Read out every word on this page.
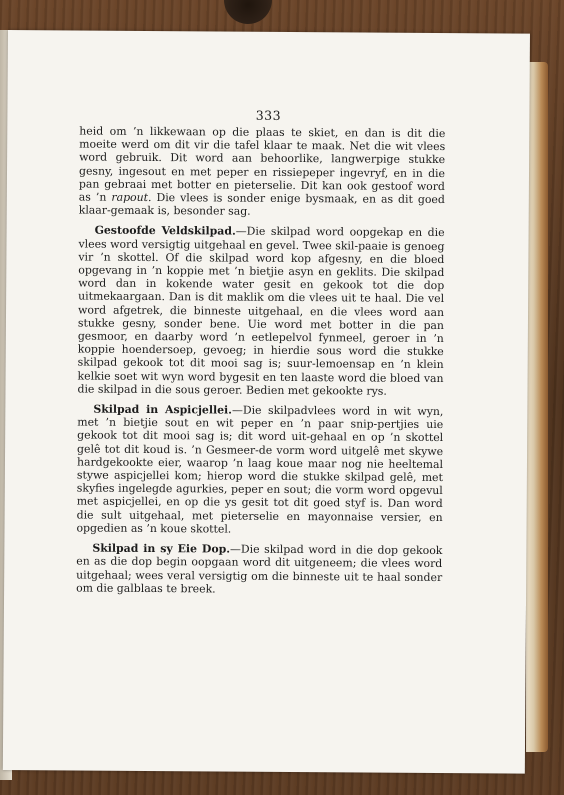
333

heid om ’n likkewaan op die plaas te skiet, en dan is dit die moeite werd om dit vir die tafel klaar te maak. Net die wit vlees word gebruik. Dit word aan behoorlike, langwerpige stukke gesny, ingesout en met peper en rissiepeper ingevryf, en in die pan gebraai met botter en pieterselie. Dit kan ook gestoof word as ’n rapout. Die vlees is sonder enige bysmaak, en as dit goed klaar-gemaak is, besonder sag.

Gestoofde Veldskilpad.—Die skilpad word oopgekap en die vlees word versigtig uitgehaal en gevel. Twee skil-paaie is genoeg vir ’n skottel. Of die skilpad word kop afgesny, en die bloed opgevang in ’n koppie met ’n bietjie asyn en geklits. Die skilpad word dan in kokende water gesit en gekook tot die dop uitmekaargaan. Dan is dit maklik om die vlees uit te haal. Die vel word afgetrek, die binneste uitgehaal, en die vlees word aan stukke gesny, sonder bene. Uie word met botter in die pan gesmoor, en daarby word ’n eetlepelvol fynmeel, geroer in ’n koppie hoendersoep, gevoeg; in hierdie sous word die stukke skilpad gekook tot dit mooi sag is; suur-lemoensap en ’n klein kelkie soet wit wyn word bygesit en ten laaste word die bloed van die skilpad in die sous geroer. Bedien met gekookte rys.

Skilpad in Aspicjellei.—Die skilpadvlees word in wit wyn, met ’n bietjie sout en wit peper en ’n paar snip-pertjies uie gekook tot dit mooi sag is; dit word uit-gehaal en op ’n skottel gelê tot dit koud is. ’n Gesmeer-de vorm word uitgelê met skywe hardgekookte eier, waarop ’n laag koue maar nog nie heeltemal stywe aspicjellei kom; hierop word die stukke skilpad gelê, met skyfies ingelegde agurkies, peper en sout; die vorm word opgevul met aspicjellei, en op die ys gesit tot dit goed styf is. Dan word die sult uitgehaal, met pieterselie en mayonnaise versier, en opgedien as ’n koue skottel.

Skilpad in sy Eie Dop.—Die skilpad word in die dop gekook en as die dop begin oopgaan word dit uitgeneem; die vlees word uitgehaal; wees veral versigtig om die binneste uit te haal sonder om die galblaas te breek.
